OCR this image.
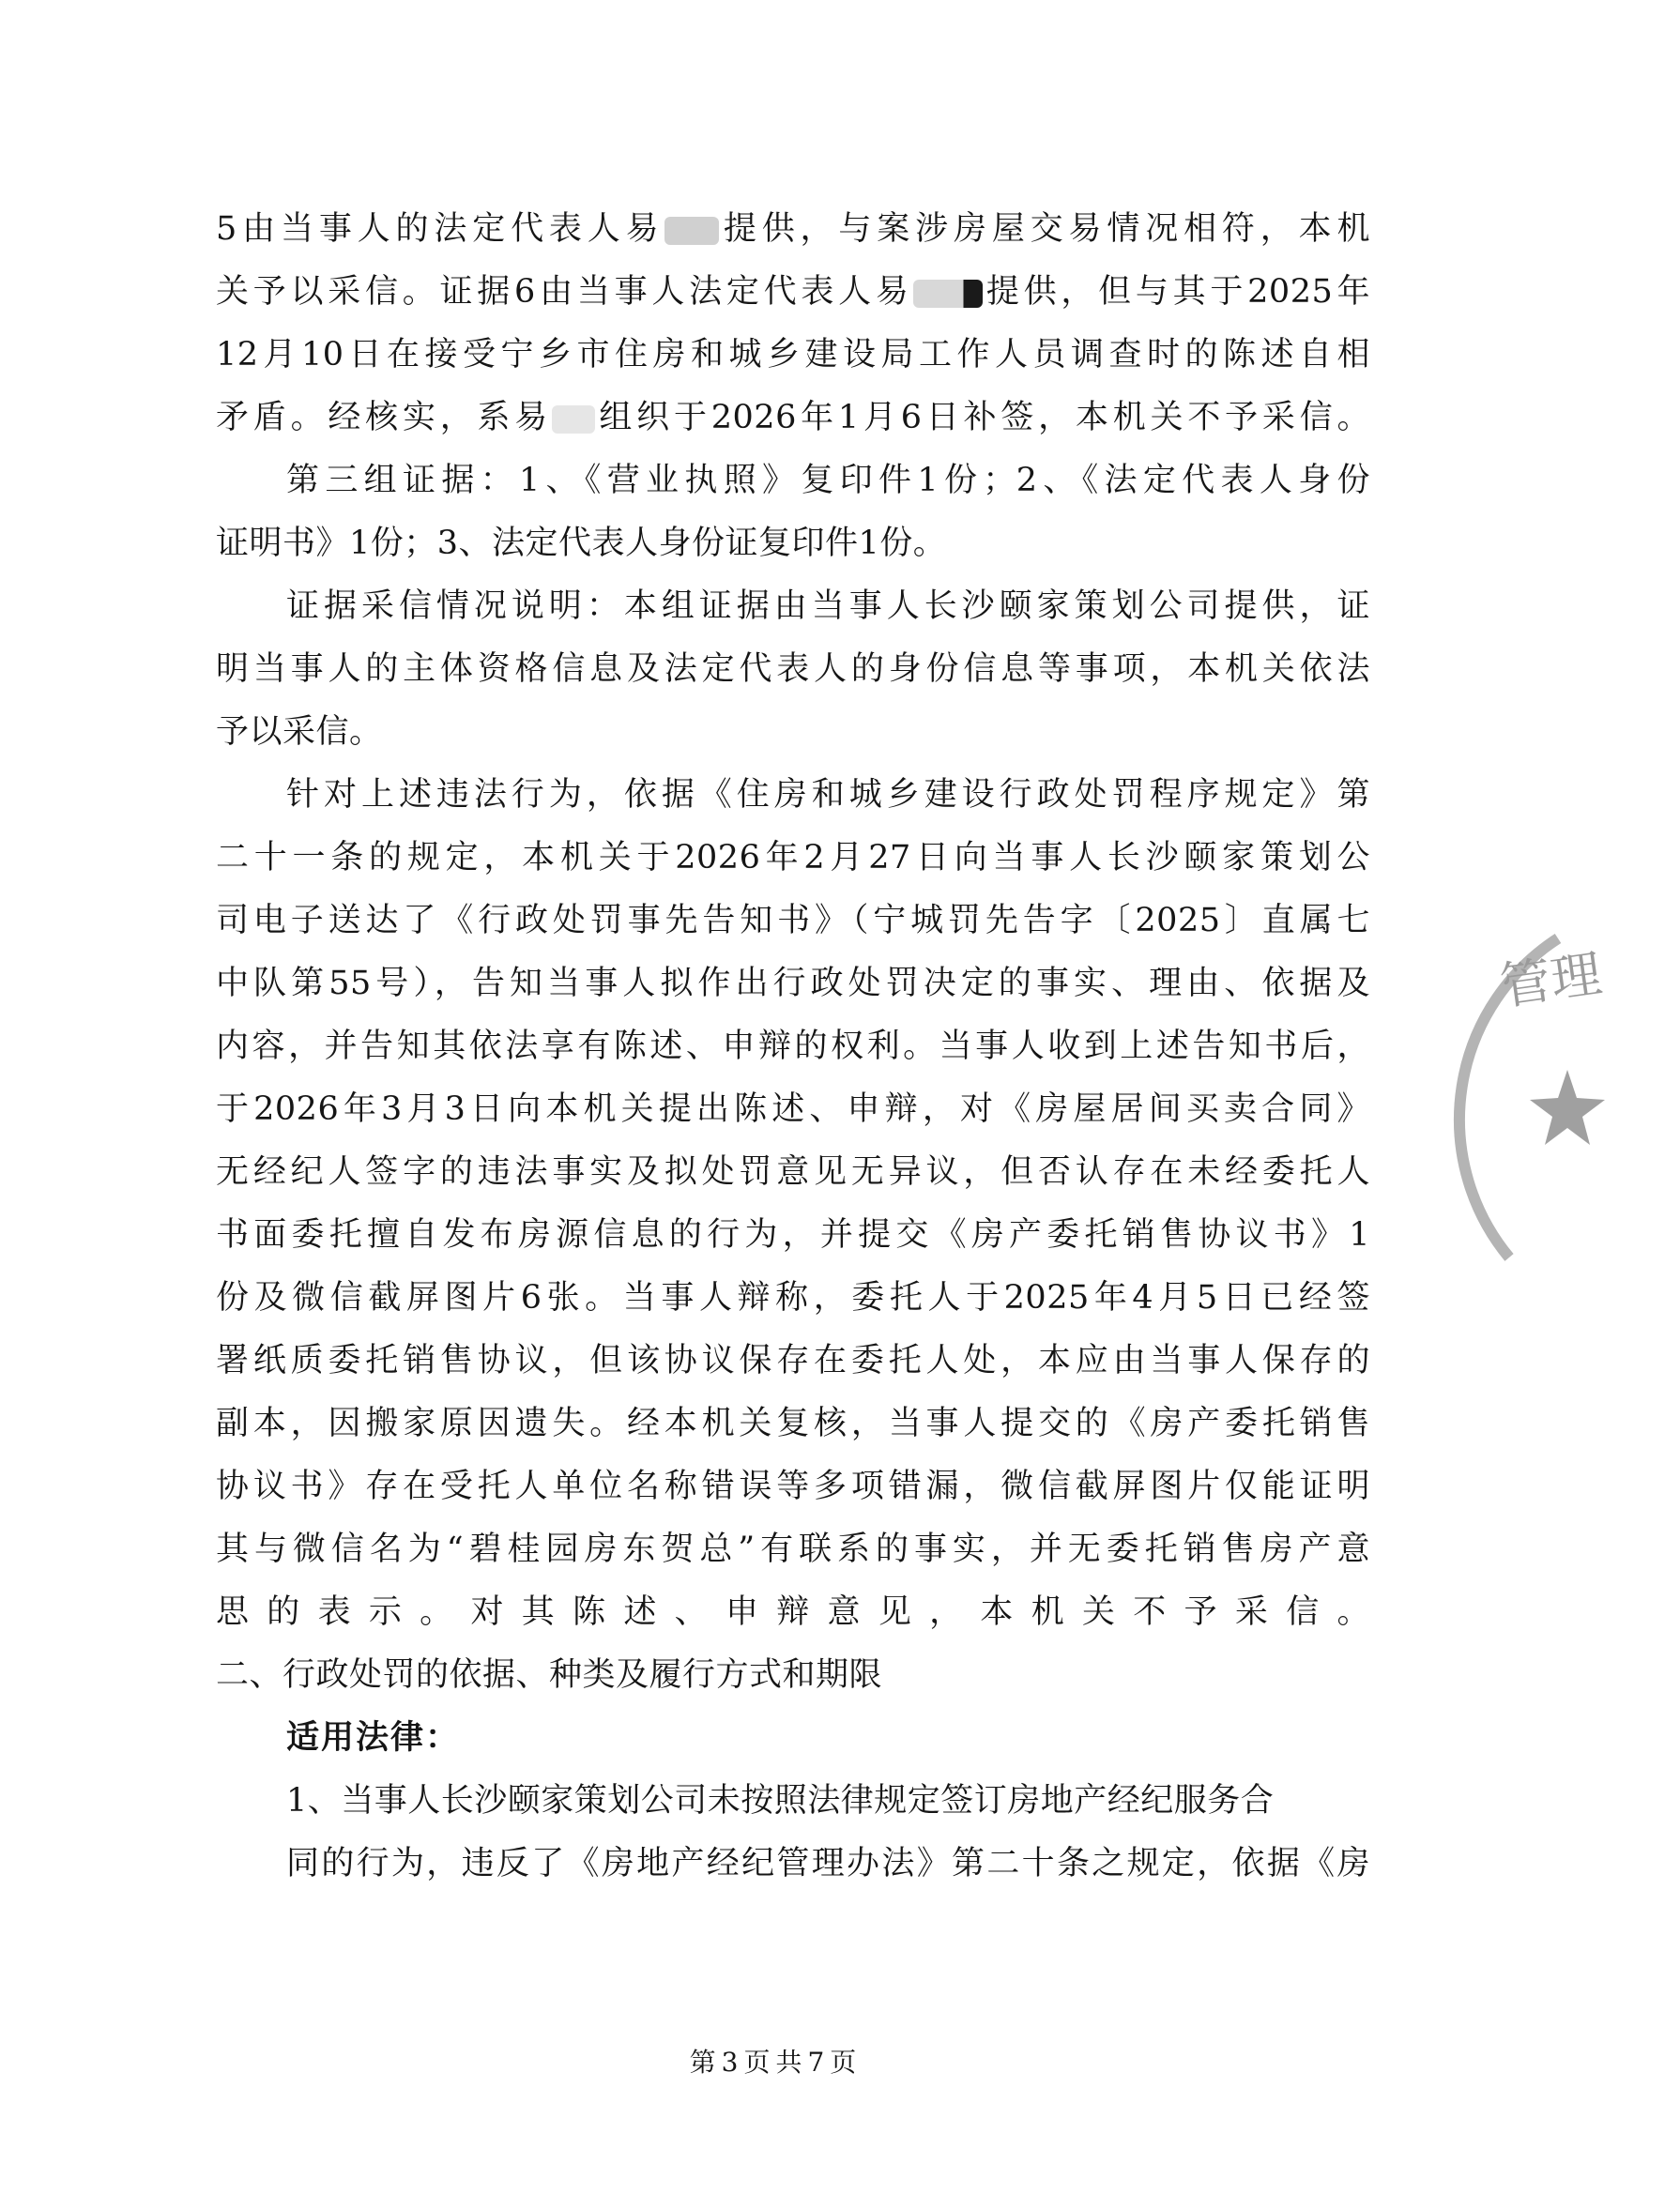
5由当事人的法定代表人易 提供，与案涉房屋交易情况相符，本机
关予以采信。证据6由当事人法定代表人易 提供，但与其于2025年
12月10日在接受宁乡市住房和城乡建设局工作人员调查时的陈述自相
矛盾。经核实，系易 组织于2026年1月6日补签，本机关不予采信。
第三组证据：1、《营业执照》复印件1份；2、《法定代表人身份
证明书》1份；3、法定代表人身份证复印件1份。
证据采信情况说明：本组证据由当事人长沙颐家策划公司提供，证
明当事人的主体资格信息及法定代表人的身份信息等事项，本机关依法
予以采信。
针对上述违法行为，依据《住房和城乡建设行政处罚程序规定》第
二十一条的规定，本机关于2026年2月27日向当事人长沙颐家策划公
司电子送达了《行政处罚事先告知书》（宁城罚先告字〔2025〕直属七
中队第55号），告知当事人拟作出行政处罚决定的事实、理由、依据及
内容，并告知其依法享有陈述、申辩的权利。当事人收到上述告知书后，
于2026年3月3日向本机关提出陈述、申辩，对《房屋居间买卖合同》
无经纪人签字的违法事实及拟处罚意见无异议，但否认存在未经委托人
书面委托擅自发布房源信息的行为，并提交《房产委托销售协议书》1
份及微信截屏图片6张。当事人辩称，委托人于2025年4月5日已经签
署纸质委托销售协议，但该协议保存在委托人处，本应由当事人保存的
副本，因搬家原因遗失。经本机关复核，当事人提交的《房产委托销售
协议书》存在受托人单位名称错误等多项错漏，微信截屏图片仅能证明
其与微信名为“碧桂园房东贺总”有联系的事实，并无委托销售房产意
思的表示。对其陈述、申辩意见，本机关不予采信。
二、行政处罚的依据、种类及履行方式和期限
适用法律：
1、当事人长沙颐家策划公司未按照法律规定签订房地产经纪服务合
同的行为，违反了《房地产经纪管理办法》第二十条之规定，依据《房
管理
第3页共7页
